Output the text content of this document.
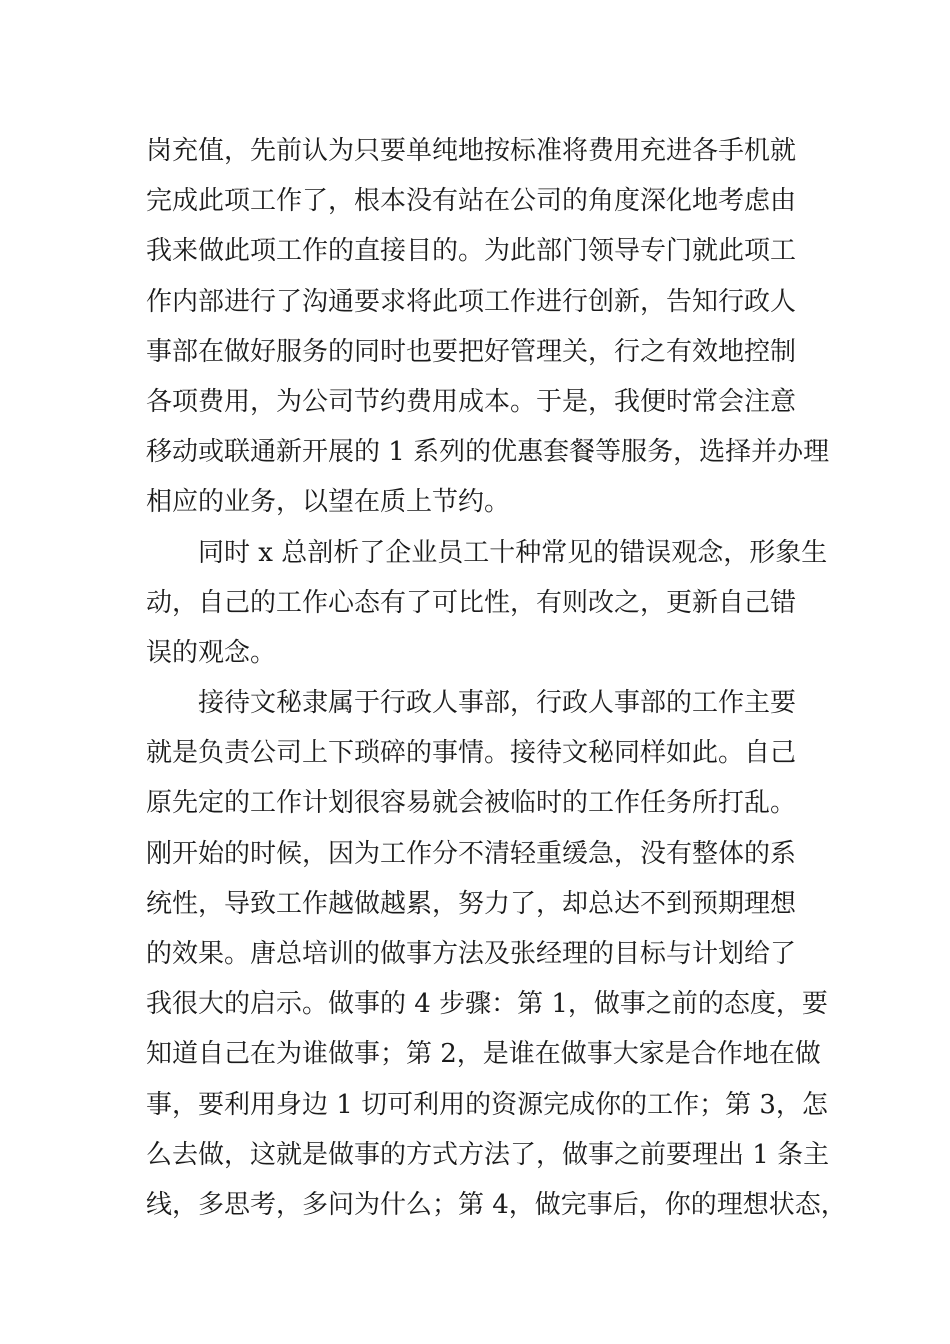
岗充值，先前认为只要单纯地按标准将费用充进各手机就
完成此项工作了，根本没有站在公司的角度深化地考虑由
我来做此项工作的直接目的。为此部门领导专门就此项工
作内部进行了沟通要求将此项工作进行创新，告知行政人
事部在做好服务的同时也要把好管理关，行之有效地控制
各项费用，为公司节约费用成本。于是，我便时常会注意
移动或联通新开展的 1 系列的优惠套餐等服务，选择并办理
相应的业务，以望在质上节约。
同时 x 总剖析了企业员工十种常见的错误观念，形象生
动，自己的工作心态有了可比性，有则改之，更新自己错
误的观念。
接待文秘隶属于行政人事部，行政人事部的工作主要
就是负责公司上下琐碎的事情。接待文秘同样如此。自己
原先定的工作计划很容易就会被临时的工作任务所打乱。
刚开始的时候，因为工作分不清轻重缓急，没有整体的系
统性，导致工作越做越累，努力了，却总达不到预期理想
的效果。唐总培训的做事方法及张经理的目标与计划给了
我很大的启示。做事的 4 步骤：第 1，做事之前的态度，要
知道自己在为谁做事；第 2，是谁在做事大家是合作地在做
事，要利用身边 1 切可利用的资源完成你的工作；第 3，怎
么去做，这就是做事的方式方法了，做事之前要理出 1 条主
线，多思考，多问为什么；第 4，做完事后，你的理想状态，
